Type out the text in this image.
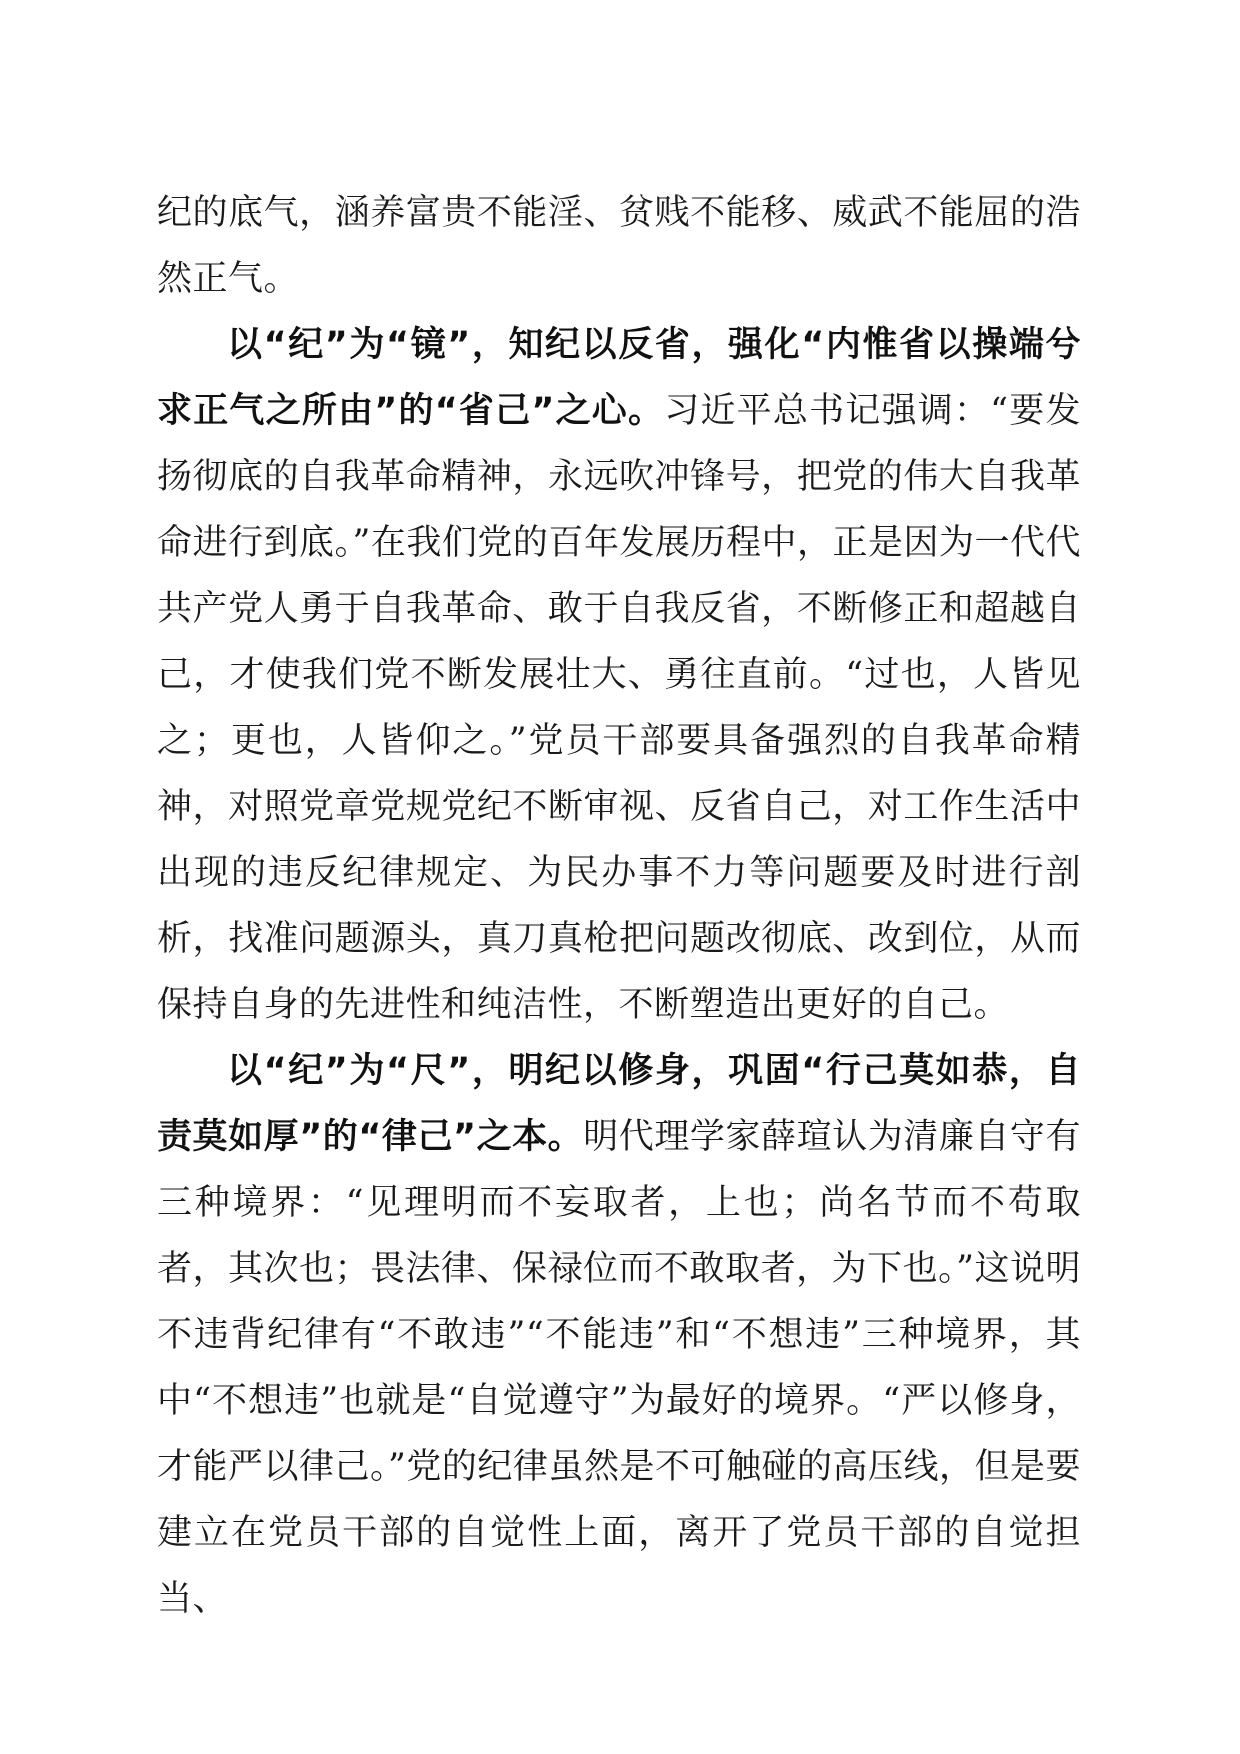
纪的底气，涵养富贵不能淫、贫贱不能移、威武不能屈的浩然正气。

以“纪”为“镜”，知纪以反省，强化“内惟省以操端兮求正气之所由”的“省己”之心。习近平总书记强调：“要发扬彻底的自我革命精神，永远吹冲锋号，把党的伟大自我革命进行到底。”在我们党的百年发展历程中，正是因为一代代共产党人勇于自我革命、敢于自我反省，不断修正和超越自己，才使我们党不断发展壮大、勇往直前。“过也，人皆见之；更也，人皆仰之。”党员干部要具备强烈的自我革命精神，对照党章党规党纪不断审视、反省自己，对工作生活中出现的违反纪律规定、为民办事不力等问题要及时进行剖析，找准问题源头，真刀真枪把问题改彻底、改到位，从而保持自身的先进性和纯洁性，不断塑造出更好的自己。

以“纪”为“尺”，明纪以修身，巩固“行己莫如恭，自责莫如厚”的“律己”之本。明代理学家薛瑄认为清廉自守有三种境界：“见理明而不妄取者，上也；尚名节而不苟取者，其次也；畏法律、保禄位而不敢取者，为下也。”这说明不违背纪律有“不敢违”“不能违”和“不想违”三种境界，其中“不想违”也就是“自觉遵守”为最好的境界。“严以修身，才能严以律己。”党的纪律虽然是不可触碰的高压线，但是要建立在党员干部的自觉性上面，离开了党员干部的自觉担当、
